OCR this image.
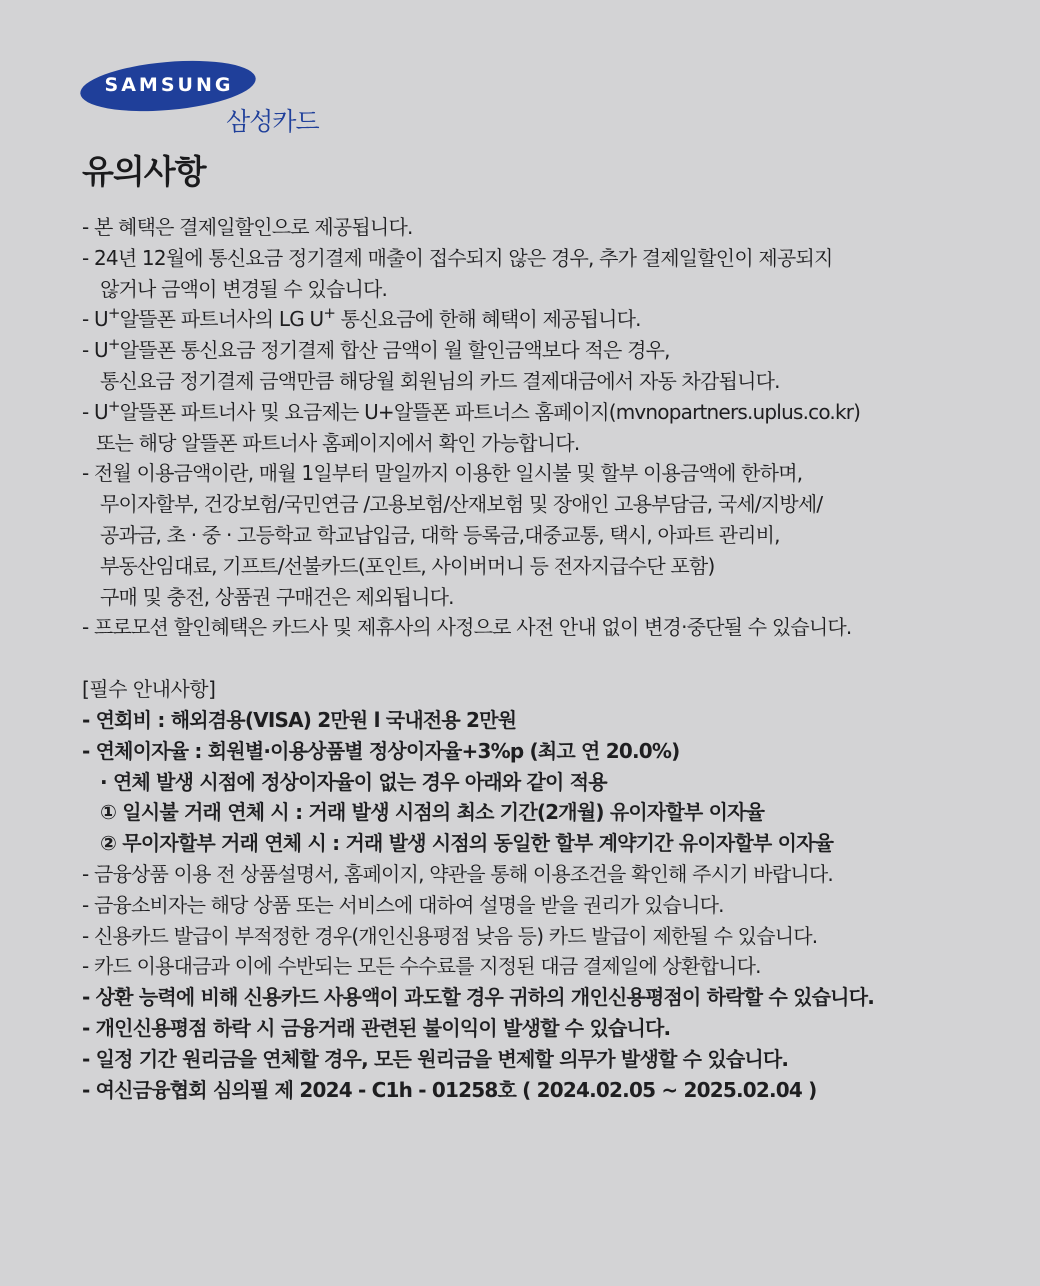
SAMSUNG
삼성카드
유의사항
- 본 혜택은 결제일할인으로 제공됩니다.
- 24년 12월에 통신요금 정기결제 매출이 접수되지 않은 경우, 추가 결제일할인이 제공되지
않거나 금액이 변경될 수 있습니다.
- U+알뜰폰 파트너사의 LG U+ 통신요금에 한해 혜택이 제공됩니다.
- U+알뜰폰 통신요금 정기결제 합산 금액이 월 할인금액보다 적은 경우,
통신요금 정기결제 금액만큼 해당월 회원님의 카드 결제대금에서 자동 차감됩니다.
- U+알뜰폰 파트너사 및 요금제는 U+알뜰폰 파트너스 홈페이지(mvnopartners.uplus.co.kr)
또는 해당 알뜰폰 파트너사 홈페이지에서 확인 가능합니다.
- 전월 이용금액이란, 매월 1일부터 말일까지 이용한 일시불 및 할부 이용금액에 한하며,
무이자할부, 건강보험/국민연금 /고용보험/산재보험 및 장애인 고용부담금, 국세/지방세/
공과금, 초 · 중 · 고등학교 학교납입금, 대학 등록금,대중교통, 택시, 아파트 관리비,
부동산임대료, 기프트/선불카드(포인트, 사이버머니 등 전자지급수단 포함)
구매 및 충전, 상품권 구매건은 제외됩니다.
- 프로모션 할인혜택은 카드사 및 제휴사의 사정으로 사전 안내 없이 변경·중단될 수 있습니다.
[필수 안내사항]
- 연회비 : 해외겸용(VISA) 2만원 l 국내전용 2만원
- 연체이자율 : 회원별·이용상품별 정상이자율+3%p (최고 연 20.0%)
· 연체 발생 시점에 정상이자율이 없는 경우 아래와 같이 적용
① 일시불 거래 연체 시 : 거래 발생 시점의 최소 기간(2개월) 유이자할부 이자율
② 무이자할부 거래 연체 시 : 거래 발생 시점의 동일한 할부 계약기간 유이자할부 이자율
- 금융상품 이용 전 상품설명서, 홈페이지, 약관을 통해 이용조건을 확인해 주시기 바랍니다.
- 금융소비자는 해당 상품 또는 서비스에 대하여 설명을 받을 권리가 있습니다.
- 신용카드 발급이 부적정한 경우(개인신용평점 낮음 등) 카드 발급이 제한될 수 있습니다.
- 카드 이용대금과 이에 수반되는 모든 수수료를 지정된 대금 결제일에 상환합니다.
- 상환 능력에 비해 신용카드 사용액이 과도할 경우 귀하의 개인신용평점이 하락할 수 있습니다.
- 개인신용평점 하락 시 금융거래 관련된 불이익이 발생할 수 있습니다.
- 일정 기간 원리금을 연체할 경우, 모든 원리금을 변제할 의무가 발생할 수 있습니다.
- 여신금융협회 심의필 제 2024 - C1h - 01258호 ( 2024.02.05 ~ 2025.02.04 )
